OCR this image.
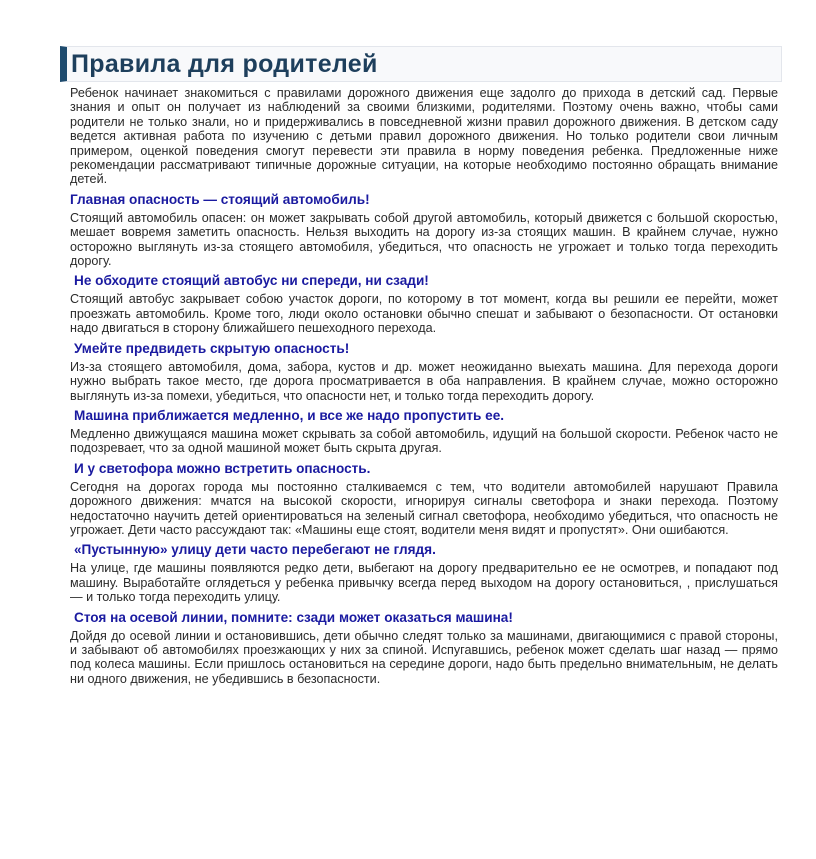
Правила для родителей

Ребенок начинает знакомиться с правилами дорожного движения еще задолго до прихода в детский сад. Первые знания и опыт он получает из наблюдений за своими близкими, родителями. Поэтому очень важно, чтобы сами родители не только знали, но и придерживались в повседневной жизни правил дорожного движения. В детском саду ведется активная работа по изучению с детьми правил дорожного движения. Но только родители свои личным примером, оценкой поведения смогут перевести эти правила в норму поведения ребенка. Предложенные ниже рекомендации рассматривают типичные дорожные ситуации, на которые необходимо постоянно обращать внимание детей.

Главная опасность — стоящий автомобиль!

Стоящий автомобиль опасен: он может закрывать собой другой автомобиль, который движется с большой скоростью, мешает вовремя заметить опасность. Нельзя выходить на дорогу из-за стоящих машин. В крайнем случае, нужно осторожно выглянуть из-за стоящего автомобиля, убедиться, что опасность не угрожает и только тогда переходить дорогу.

Не обходите стоящий автобус ни спереди, ни сзади!

Стоящий автобус закрывает собою участок дороги, по которому в тот момент, когда вы решили ее перейти, может проезжать автомобиль. Кроме того, люди около остановки обычно спешат и забывают о безопасности. От остановки надо двигаться в сторону ближайшего пешеходного перехода.

Умейте предвидеть скрытую опасность!

Из-за стоящего автомобиля, дома, забора, кустов и др. может неожиданно выехать машина. Для перехода дороги нужно выбрать такое место, где дорога просматривается в оба направления. В крайнем случае, можно осторожно выглянуть из-за помехи, убедиться, что опасности нет, и только тогда переходить дорогу.

Машина приближается медленно, и все же надо пропустить ее.

Медленно движущаяся машина может скрывать за собой автомобиль, идущий на большой скорости. Ребенок часто не подозревает, что за одной машиной может быть скрыта другая.

И у светофора можно встретить опасность.

Сегодня на дорогах города мы постоянно сталкиваемся с тем, что водители автомобилей нарушают Правила дорожного движения: мчатся на высокой скорости, игнорируя сигналы светофора и знаки перехода. Поэтому недостаточно научить детей ориентироваться на зеленый сигнал светофора, необходимо убедиться, что опасность не угрожает. Дети часто рассуждают так: «Машины еще стоят, водители меня видят и пропустят». Они ошибаются.

«Пустынную» улицу дети часто перебегают не глядя.

На улице, где машины появляются редко дети, выбегают на дорогу предварительно ее не осмотрев, и попадают под машину. Выработайте оглядеться у ребенка привычку всегда перед выходом на дорогу остановиться, , прислушаться — и только тогда переходить улицу.

Стоя на осевой линии, помните: сзади может оказаться машина!

Дойдя до осевой линии и остановившись, дети обычно следят только за машинами, двигающимися с правой стороны, и забывают об автомобилях проезжающих у них за спиной. Испугавшись, ребенок может сделать шаг назад — прямо под колеса машины. Если пришлось остановиться на середине дороги, надо быть предельно внимательным, не делать ни одного движения, не убедившись в безопасности.
